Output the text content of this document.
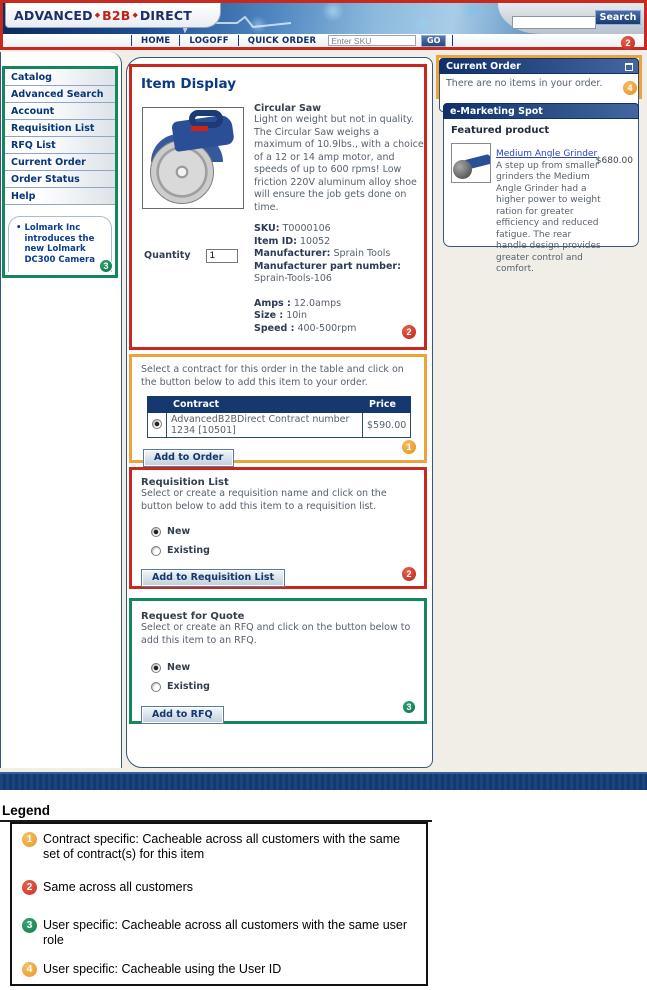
ADVANCED ◆ B2B ◆ DIRECT	Search
HOME	LOGOFF	QUICK ORDER
Enter SKU	GO	2
Catalog
Advanced Search
Account
Requisition List
RFQ List
Current Order
Order Status
Help
• Lolmark Inc introduces the new Lolmark DC300 Camera
3
Item Display
Circular Saw
Light on weight but not in quality. The Circular Saw weighs a maximum of 10.9lbs., with a choice of a 12 or 14 amp motor, and speeds of up to 600 rpms! Low friction 220V aluminum alloy shoe will ensure the job gets done on time.
SKU: T0000106
Item ID: 10052
Manufacturer: Sprain Tools
Manufacturer part number:
Sprain-Tools-106
Amps : 12.0amps
Size : 10in
Speed : 400-500rpm
Quantity 1
2
Select a contract for this order in the table and click on the button below to add this item to your order.
	Contract	Price
	AdvancedB2BDirect Contract number 1234 [10501]	$590.00
Add to Order
1
Requisition List
Select or create a requisition name and click on the button below to add this item to a requisition list.
New
Existing
Add to Requisition List	2
Request for Quote
Select or create an RFQ and click on the button below to add this item to an RFQ.
New
Existing
Add to RFQ
3
Current Order
There are no items in your order.	4
e-Marketing Spot
Featured product
Medium Angle Grinder
A step up from smaller grinders the Medium Angle Grinder had a higher power to weight ration for greater efficiency and reduced fatigue. The rear handle design provides greater control and comfort.
$680.00
Legend
1 Contract specific: Cacheable across all customers with the same set of contract(s) for this item
2 Same across all customers
3 User specific: Cacheable across all customers with the same user role
4 User specific: Cacheable using the User ID
